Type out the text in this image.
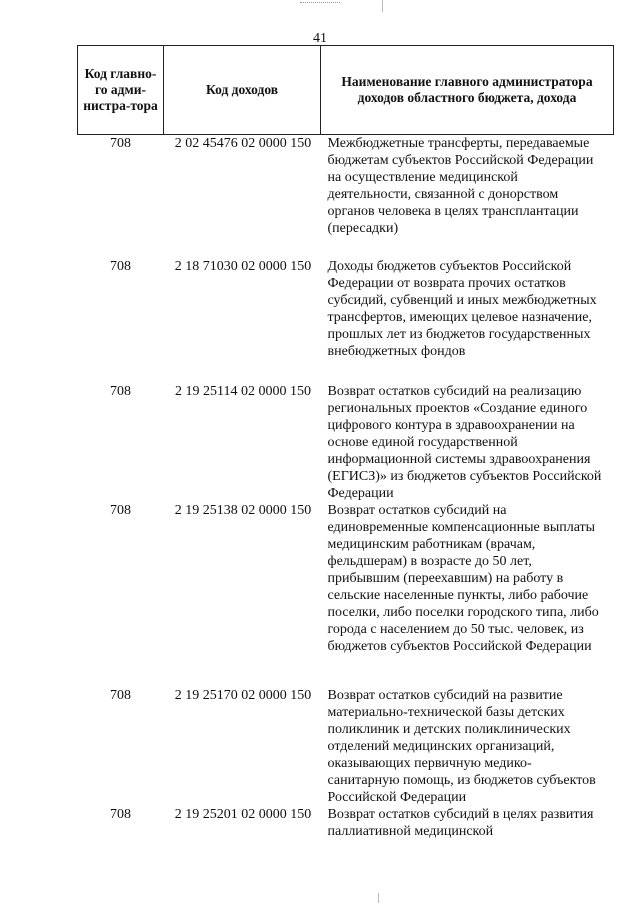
41
Код главно-го адми-нистра-тора	Код доходов	Наименование главного администратора доходов областного бюджета, дохода
708	2 02 45476 02 0000 150	Межбюджетные трансферты, передаваемые бюджетам субъектов Российской Федерации на осуществление медицинской деятельности, связанной с донорством органов человека в целях трансплантации (пересадки)
708	2 18 71030 02 0000 150	Доходы бюджетов субъектов Российской Федерации от возврата прочих остатков субсидий, субвенций и иных межбюджетных трансфертов, имеющих целевое назначение, прошлых лет из бюджетов государственных внебюджетных фондов
708	2 19 25114 02 0000 150	Возврат остатков субсидий на реализацию региональных проектов «Создание единого цифрового контура в здравоохранении на основе единой государственной информационной системы здравоохранения (ЕГИСЗ)» из бюджетов субъектов Российской Федерации
708	2 19 25138 02 0000 150	Возврат остатков субсидий на единовременные компенсационные выплаты медицинским работникам (врачам, фельдшерам) в возрасте до 50 лет, прибывшим (переехавшим) на работу в сельские населенные пункты, либо рабочие поселки, либо поселки городского типа, либо города с населением до 50 тыс. человек, из бюджетов субъектов Российской Федерации
708	2 19 25170 02 0000 150	Возврат остатков субсидий на развитие материально-технической базы детских поликлиник и детских поликлинических отделений медицинских организаций, оказывающих первичную медико-санитарную помощь, из бюджетов субъектов Российской Федерации
708	2 19 25201 02 0000 150	Возврат остатков субсидий в целях развития паллиативной медицинской
